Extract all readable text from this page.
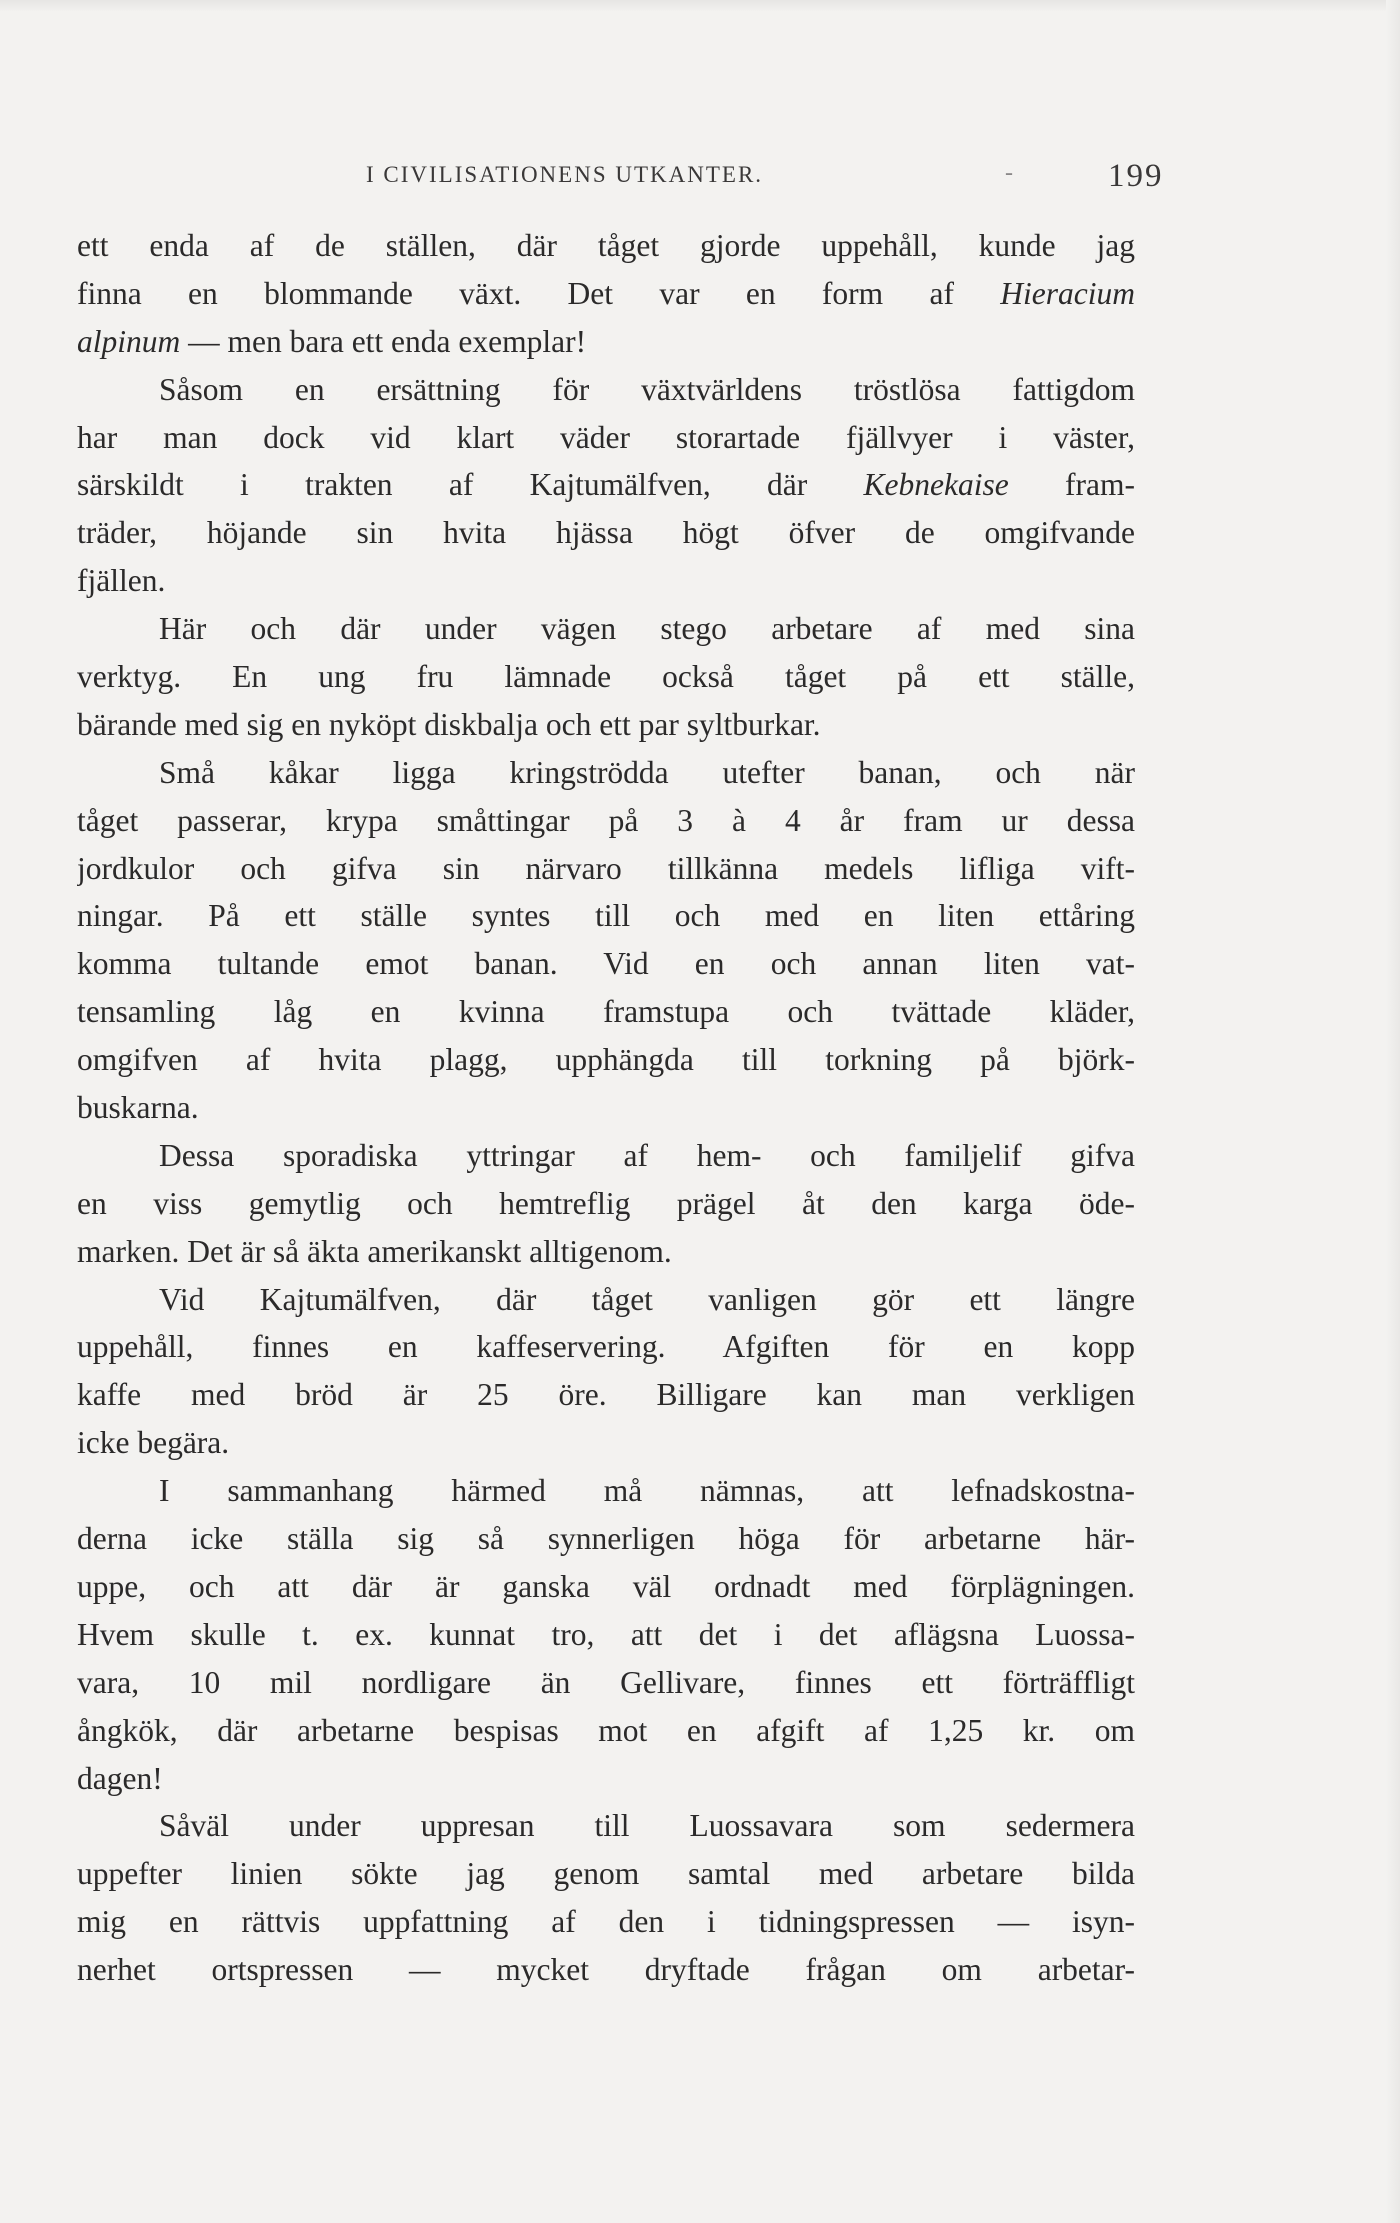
I CIVILISATIONENS UTKANTER.	-	199
ett enda af de ställen, där tåget gjorde uppehåll, kunde jag
finna en blommande växt. Det var en form af Hieracium
alpinum — men bara ett enda exemplar!
Såsom en ersättning för växtvärldens tröstlösa fattigdom
har man dock vid klart väder storartade fjällvyer i väster,
särskildt i trakten af Kajtumälfven, där Kebnekaise fram-
träder, höjande sin hvita hjässa högt öfver de omgifvande
fjällen.
Här och där under vägen stego arbetare af med sina
verktyg. En ung fru lämnade också tåget på ett ställe,
bärande med sig en nyköpt diskbalja och ett par syltburkar.
Små kåkar ligga kringströdda utefter banan, och när
tåget passerar, krypa småttingar på 3 à 4 år fram ur dessa
jordkulor och gifva sin närvaro tillkänna medels lifliga vift-
ningar. På ett ställe syntes till och med en liten ettåring
komma tultande emot banan. Vid en och annan liten vat-
tensamling låg en kvinna framstupa och tvättade kläder,
omgifven af hvita plagg, upphängda till torkning på björk-
buskarna.
Dessa sporadiska yttringar af hem- och familjelif gifva
en viss gemytlig och hemtreflig prägel åt den karga öde-
marken. Det är så äkta amerikanskt alltigenom.
Vid Kajtumälfven, där tåget vanligen gör ett längre
uppehåll, finnes en kaffeservering. Afgiften för en kopp
kaffe med bröd är 25 öre. Billigare kan man verkligen
icke begära.
I sammanhang härmed må nämnas, att lefnadskostna-
derna icke ställa sig så synnerligen höga för arbetarne här-
uppe, och att där är ganska väl ordnadt med förplägningen.
Hvem skulle t. ex. kunnat tro, att det i det aflägsna Luossa-
vara, 10 mil nordligare än Gellivare, finnes ett förträffligt
ångkök, där arbetarne bespisas mot en afgift af 1,25 kr. om
dagen!
Såväl under uppresan till Luossavara som sedermera
uppefter linien sökte jag genom samtal med arbetare bilda
mig en rättvis uppfattning af den i tidningspressen — isyn-
nerhet ortspressen — mycket dryftade frågan om arbetar-
